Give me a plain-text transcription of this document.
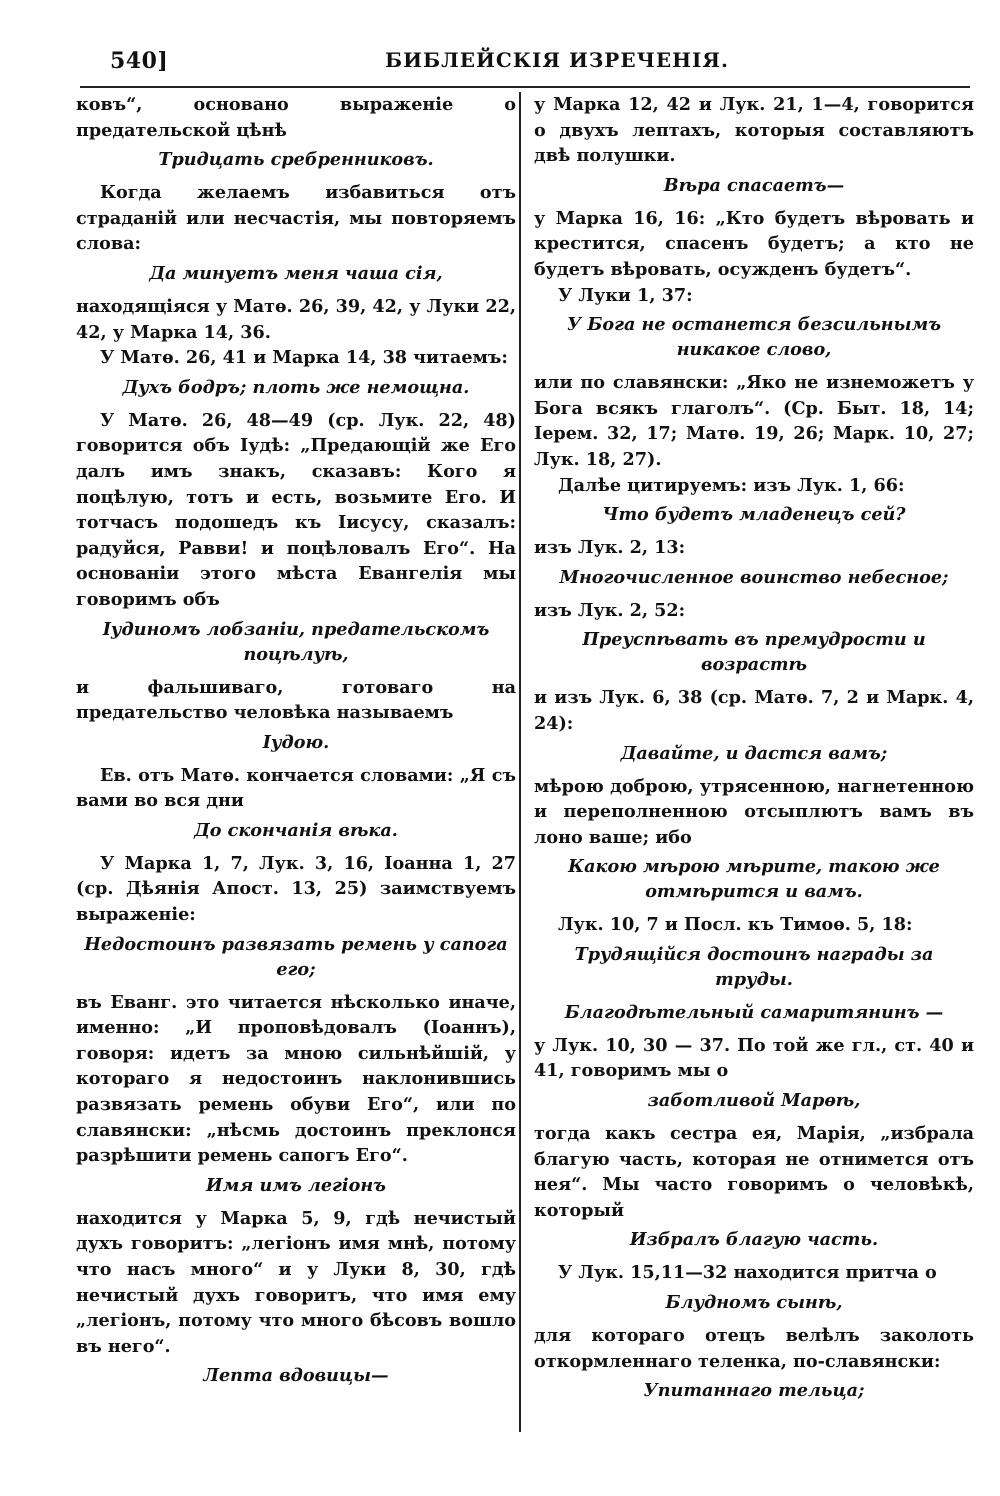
540]	БИБЛЕЙСКІЯ ИЗРЕЧЕНІЯ.

ковъ“, основано выраженіе о предательской цѣнѣ

Тридцать сребренниковъ.

Когда желаемъ избавиться отъ страданій или несчастія, мы повторяемъ слова:

Да минуетъ меня чаша сія,

находящіяся у Матѳ. 26, 39, 42, у Луки 22, 42, у Марка 14, 36.

У Матѳ. 26, 41 и Марка 14, 38 читаемъ:

Духъ бодръ; плоть же немощна.

У Матѳ. 26, 48—49 (ср. Лук. 22, 48) говорится объ Іудѣ: „Предающій же Его далъ имъ знакъ, сказавъ: Кого я поцѣлую, тотъ и есть, возьмите Его. И тотчасъ подошедъ къ Іисусу, сказалъ: радуйся, Равви! и поцѣловалъ Его“. На основаніи этого мѣста Евангелія мы говоримъ объ

Іудиномъ лобзаніи, предательскомъ поцѣлуѣ,

и фальшиваго, готоваго на предательство человѣка называемъ

Іудою.

Ев. отъ Матѳ. кончается словами: „Я съ вами во вся дни

До скончанія вѣка.

У Марка 1, 7, Лук. 3, 16, Іоанна 1, 27 (ср. Дѣянія Апост. 13, 25) заимствуемъ выраженіе:

Недостоинъ развязать ремень у сапога его;

въ Еванг. это читается нѣсколько иначе, именно: „И проповѣдовалъ (Іоаннъ), говоря: идетъ за мною сильнѣйшій, у котораго я недостоинъ наклонившись развязать ремень обуви Его“, или по славянски: „нѣсмь достоинъ преклонся разрѣшити ремень сапогъ Его“.

Имя имъ легіонъ

находится у Марка 5, 9, гдѣ нечистый духъ говоритъ: „легіонъ имя мнѣ, потому что насъ много“ и у Луки 8, 30, гдѣ нечистый духъ говоритъ, что имя ему „легіонъ, потому что много бѣсовъ вошло въ него“.

Лепта вдовицы—

у Марка 12, 42 и Лук. 21, 1—4, говорится о двухъ лептахъ, которыя составляютъ двѣ полушки.

Вѣра спасаетъ—

у Марка 16, 16: „Кто будетъ вѣровать и крестится, спасенъ будетъ; а кто не будетъ вѣровать, осужденъ будетъ“.

У Луки 1, 37:

У Бога не останется безсильнымъ никакое слово,

или по славянски: „Яко не изнеможетъ у Бога всякъ глаголъ“. (Ср. Быт. 18, 14; Іерем. 32, 17; Матѳ. 19, 26; Марк. 10, 27; Лук. 18, 27).

Далѣе цитируемъ: изъ Лук. 1, 66:

Что будетъ младенецъ сей?

изъ Лук. 2, 13:

Многочисленное воинство небесное;

изъ Лук. 2, 52:

Преуспѣвать въ премудрости и возрастѣ

и изъ Лук. 6, 38 (ср. Матѳ. 7, 2 и Марк. 4, 24):

Давайте, и дастся вамъ;

мѣрою доброю, утрясенною, нагнетенною и переполненною отсыплютъ вамъ въ лоно ваше; ибо

Какою мѣрою мѣрите, такою же отмѣрится и вамъ.

Лук. 10, 7 и Посл. къ Тимоѳ. 5, 18:

Трудящійся достоинъ награды за труды.

Благодѣтельный самаритянинъ —

у Лук. 10, 30 — 37. По той же гл., ст. 40 и 41, говоримъ мы о

заботливой Марѳѣ,

тогда какъ сестра ея, Марія, „избрала благую часть, которая не отнимется отъ нея“. Мы часто говоримъ о человѣкѣ, который

Избралъ благую часть.

У Лук. 15,11—32 находится притча о

Блудномъ сынѣ,

для котораго отецъ велѣлъ заколоть откормленнаго теленка, по-славянски:

Упитаннаго тельца;
